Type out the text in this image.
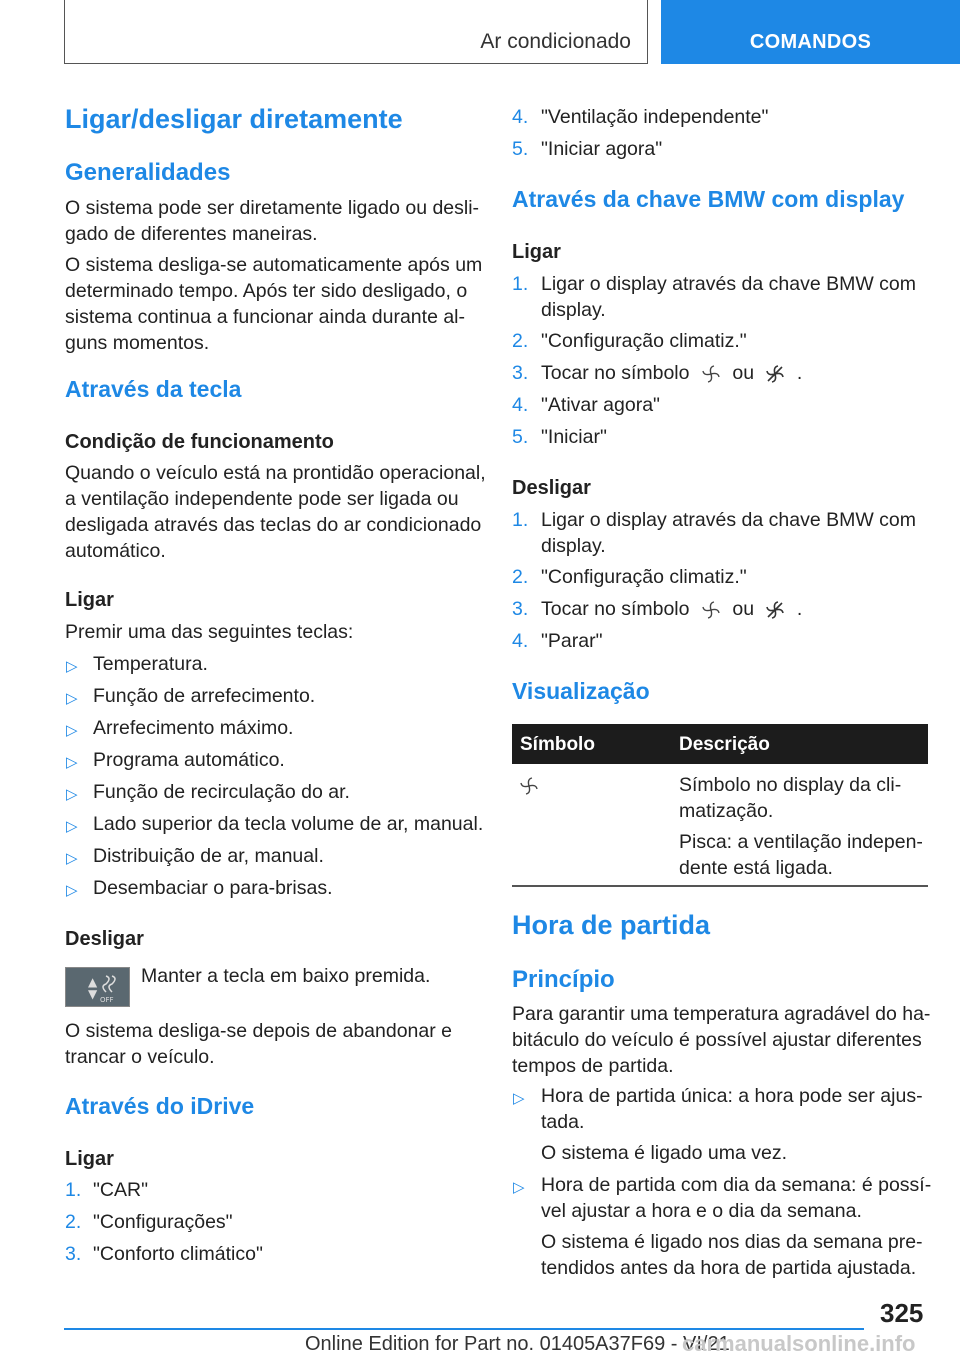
Ar condicionado	COMANDOS
Ligar/desligar diretamente
Generalidades
O sistema pode ser diretamente ligado ou desli-
gado de diferentes maneiras.
O sistema desliga-se automaticamente após um
determinado tempo. Após ter sido desligado, o
sistema continua a funcionar ainda durante al-
guns momentos.
Através da tecla
Condição de funcionamento
Quando o veículo está na prontidão operacional,
a ventilação independente pode ser ligada ou
desligada através das teclas do ar condicionado
automático.
Ligar
Premir uma das seguintes teclas:
▷ Temperatura.
▷ Função de arrefecimento.
▷ Arrefecimento máximo.
▷ Programa automático.
▷ Função de recirculação do ar.
▷ Lado superior da tecla volume de ar, manual.
▷ Distribuição de ar, manual.
▷ Desembaciar o para-brisas.
Desligar
▲
▼ OFF
Manter a tecla em baixo premida.
O sistema desliga-se depois de abandonar e
trancar o veículo.
Através do iDrive
Ligar
1. "CAR"
2. "Configurações"
3. "Conforto climático"
4. "Ventilação independente"
5. "Iniciar agora"
Através da chave BMW com display
Ligar
1. Ligar o display através da chave BMW com
display.
2. "Configuração climatiz."
3. Tocar no símbolo ou .
4. "Ativar agora"
5. "Iniciar"
Desligar
1. Ligar o display através da chave BMW com
display.
2. "Configuração climatiz."
3. Tocar no símbolo ou .
4. "Parar"
Visualização
Símbolo	Descrição
Símbolo no display da cli-
matização.
Pisca: a ventilação indepen-
dente está ligada.
Hora de partida
Princípio
Para garantir uma temperatura agradável do ha-
bitáculo do veículo é possível ajustar diferentes
tempos de partida.
▷ Hora de partida única: a hora pode ser ajus-
tada.
O sistema é ligado uma vez.
▷ Hora de partida com dia da semana: é possí-
vel ajustar a hora e o dia da semana.
O sistema é ligado nos dias da semana pre-
tendidos antes da hora de partida ajustada.
325
Online Edition for Part no. 01405A37F69 - VI/21
carmanualsonline.info
